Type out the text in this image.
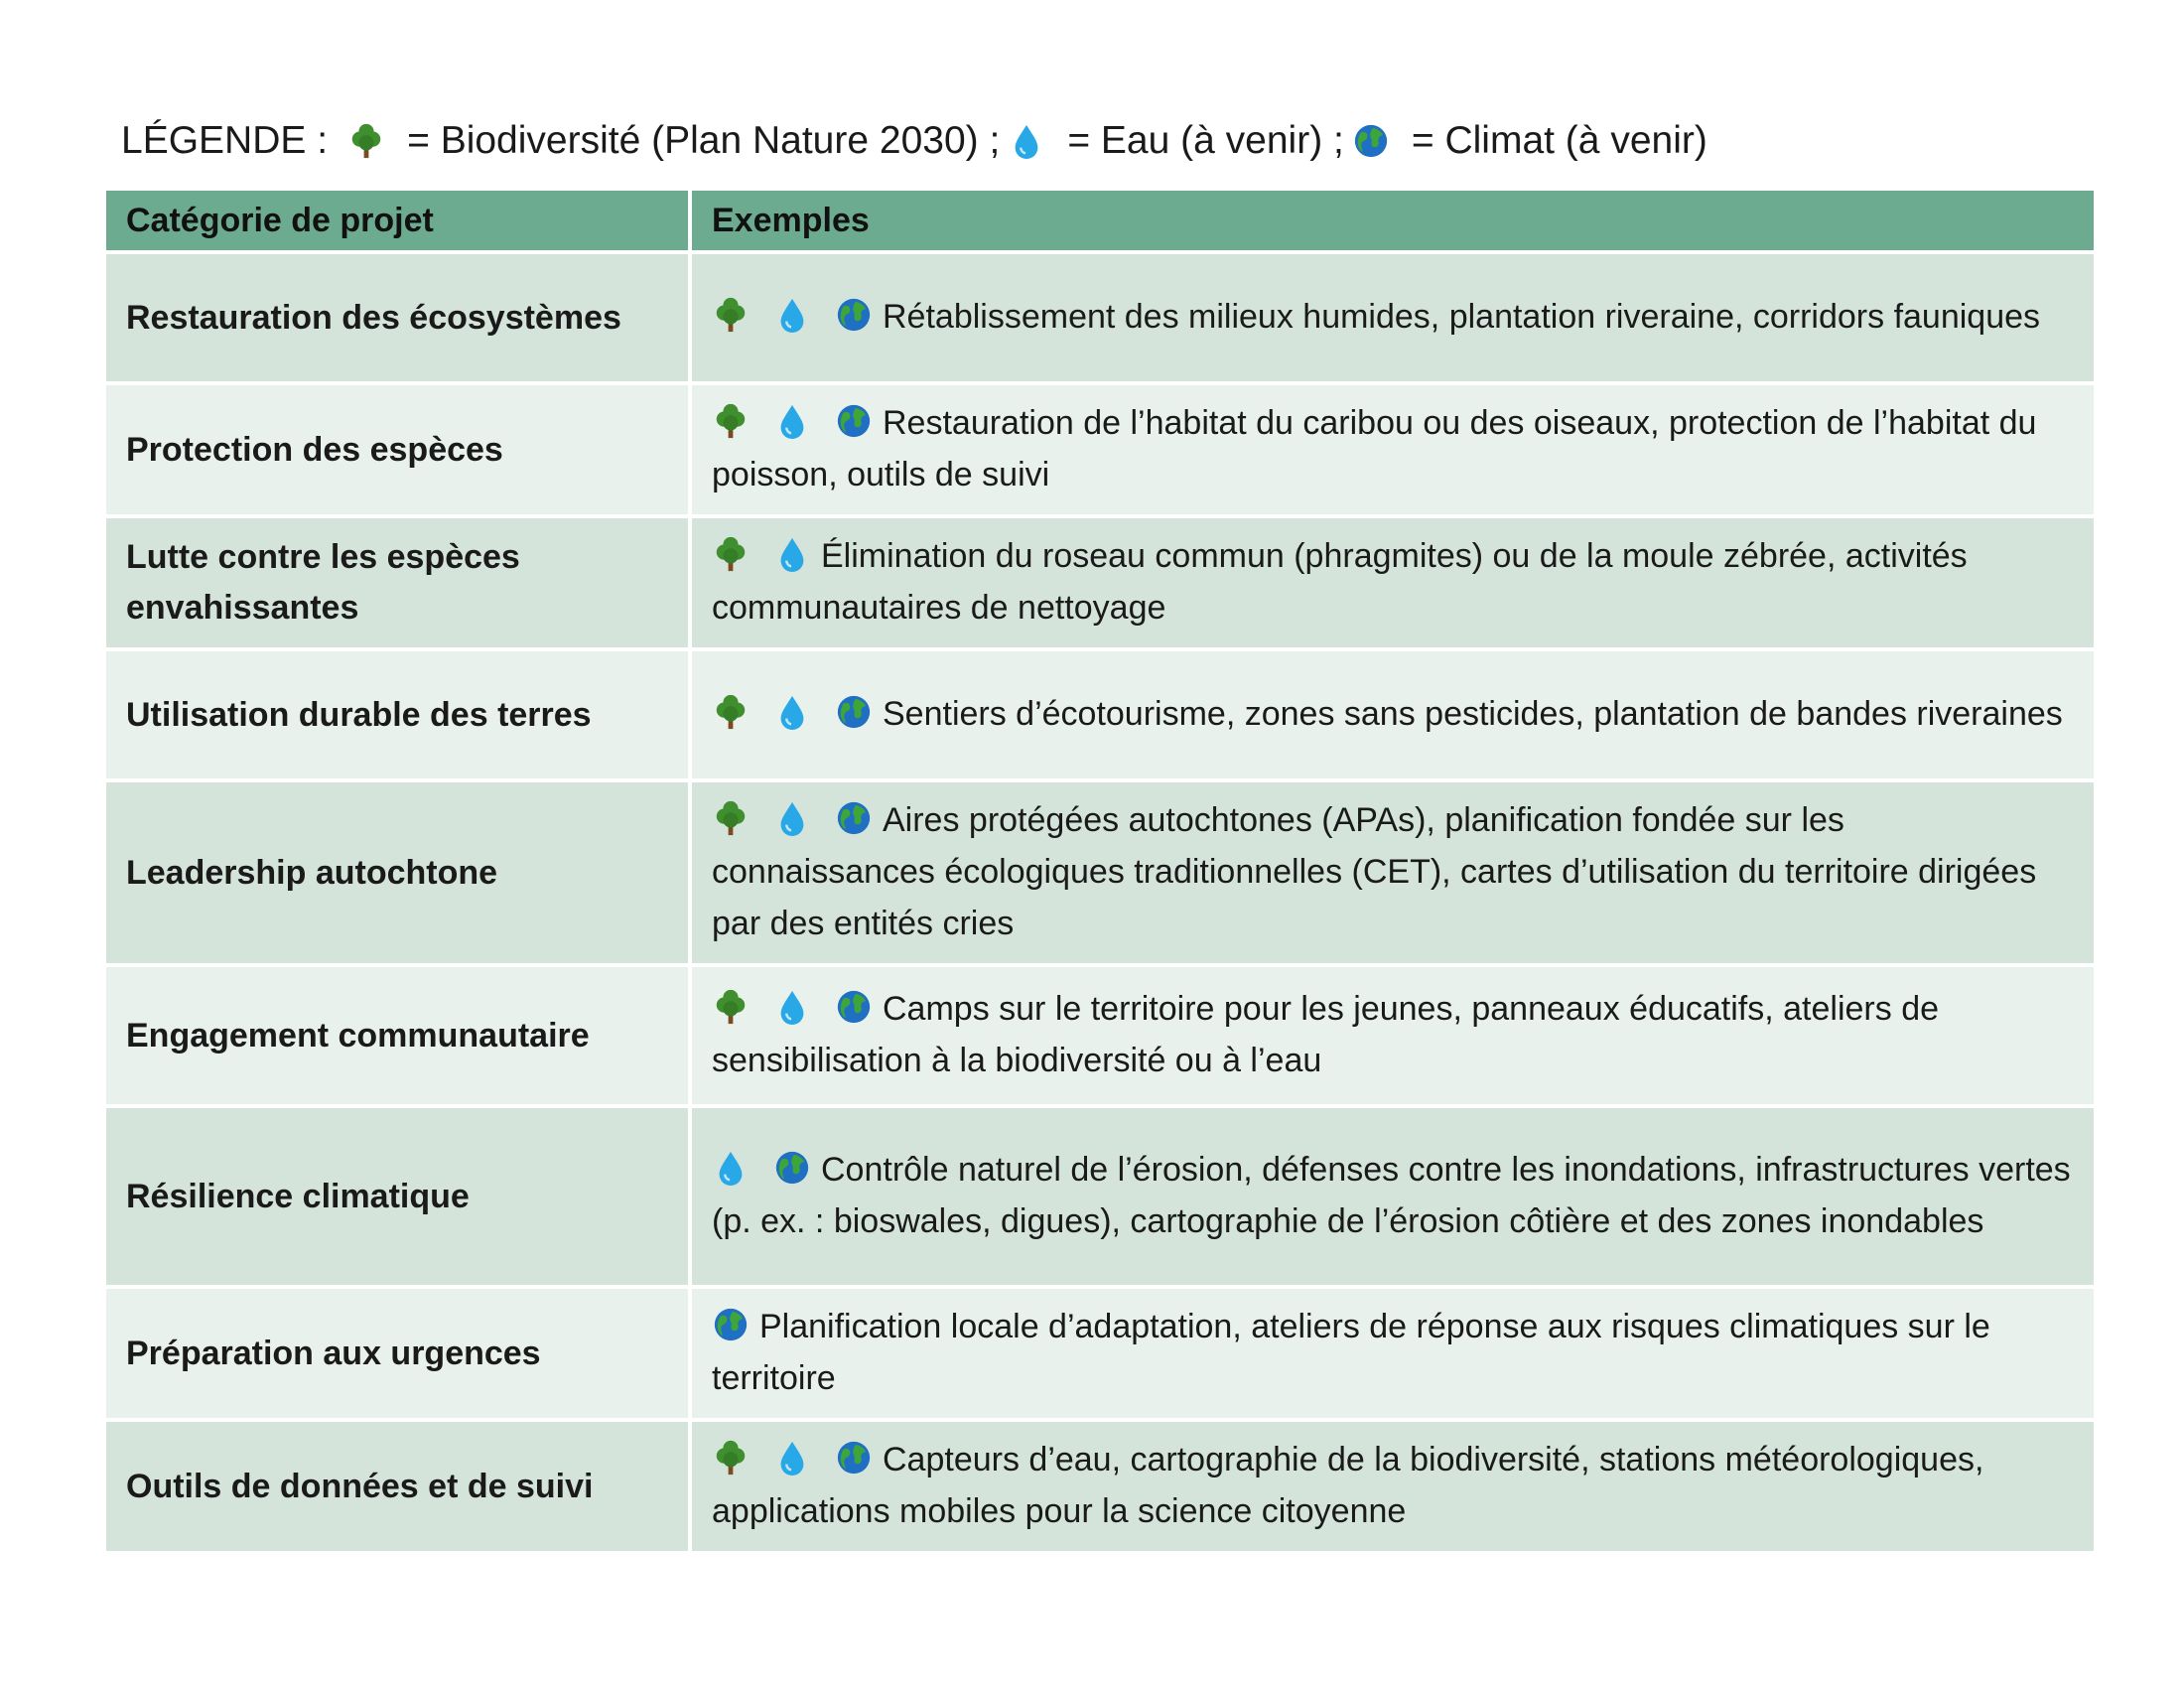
LÉGENDE : = Biodiversité (Plan Nature 2030) ; = Eau (à venir) ; = Climat (à venir)
Catégorie de projet	Exemples
Restauration des écosystèmes	Rétablissement des milieux humides, plantation riveraine, corridors fauniques
Protection des espèces	Restauration de l’habitat du caribou ou des oiseaux, protection de l’habitat du poisson, outils de suivi
Lutte contre les espèces envahissantes	Élimination du roseau commun (phragmites) ou de la moule zébrée, activités communautaires de nettoyage
Utilisation durable des terres	Sentiers d’écotourisme, zones sans pesticides, plantation de bandes riveraines
Leadership autochtone	Aires protégées autochtones (APAs), planification fondée sur les connaissances écologiques traditionnelles (CET), cartes d’utilisation du territoire dirigées par des entités cries
Engagement communautaire	Camps sur le territoire pour les jeunes, panneaux éducatifs, ateliers de sensibilisation à la biodiversité ou à l’eau
Résilience climatique	Contrôle naturel de l’érosion, défenses contre les inondations, infrastructures vertes (p. ex. : bioswales, digues), cartographie de l’érosion côtière et des zones inondables
Préparation aux urgences	Planification locale d’adaptation, ateliers de réponse aux risques climatiques sur le territoire
Outils de données et de suivi	Capteurs d’eau, cartographie de la biodiversité, stations météorologiques, applications mobiles pour la science citoyenne
